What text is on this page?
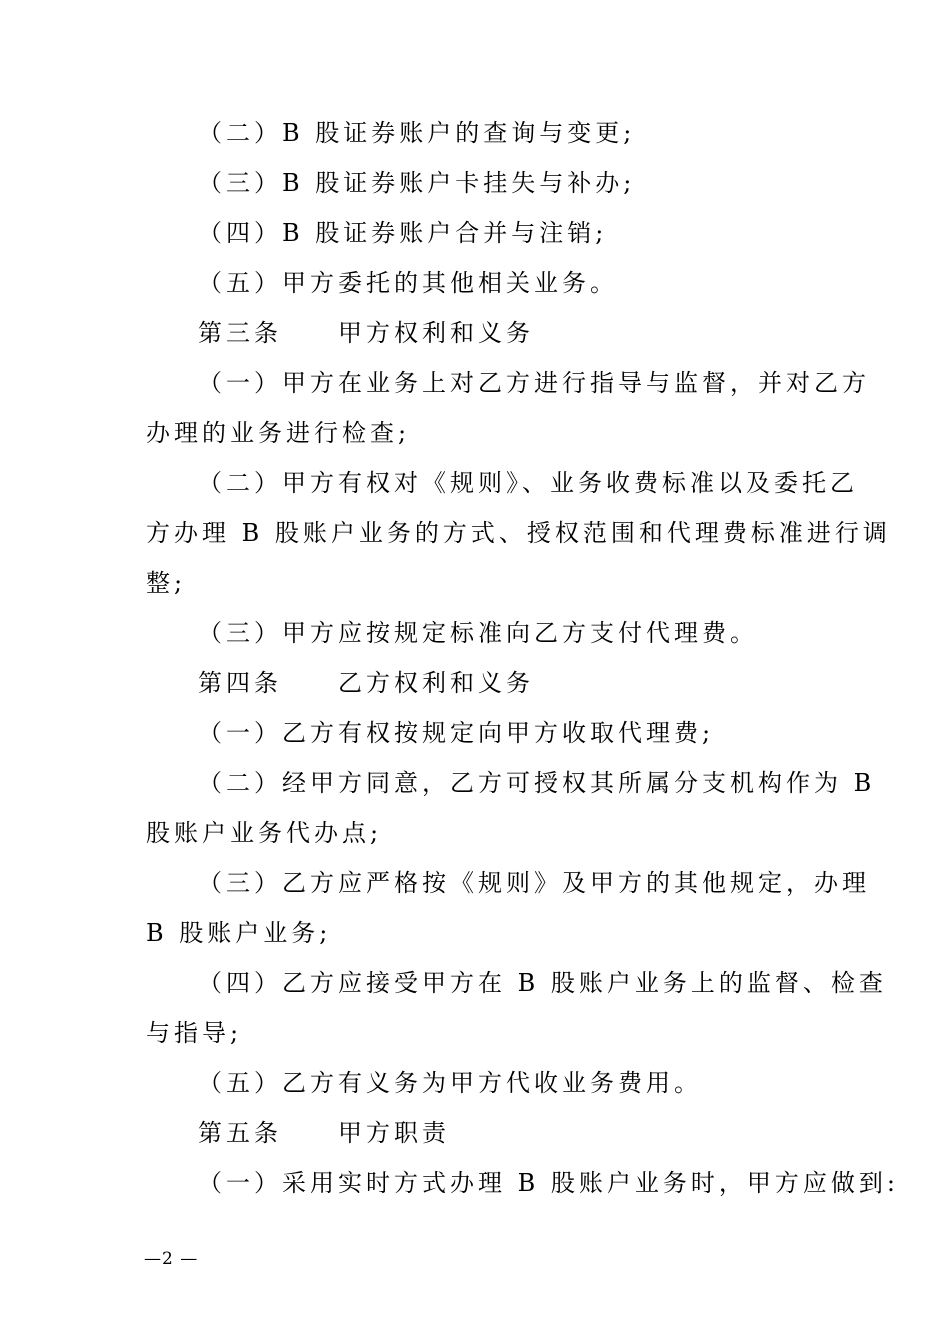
（二）B 股证券账户的查询与变更;
（三）B 股证券账户卡挂失与补办;
（四）B 股证券账户合并与注销;
（五）甲方委托的其他相关业务。
第三条 甲方权利和义务
（一）甲方在业务上对乙方进行指导与监督，并对乙方
办理的业务进行检查;
（二）甲方有权对《规则》、业务收费标准以及委托乙
方办理 B 股账户业务的方式、授权范围和代理费标准进行调
整;
（三）甲方应按规定标准向乙方支付代理费。
第四条 乙方权利和义务
（一）乙方有权按规定向甲方收取代理费;
（二）经甲方同意，乙方可授权其所属分支机构作为 B
股账户业务代办点;
（三）乙方应严格按《规则》及甲方的其他规定，办理
B 股账户业务;
（四）乙方应接受甲方在 B 股账户业务上的监督、检查
与指导;
（五）乙方有义务为甲方代收业务费用。
第五条 甲方职责
（一）采用实时方式办理 B 股账户业务时，甲方应做到:
—2 —
